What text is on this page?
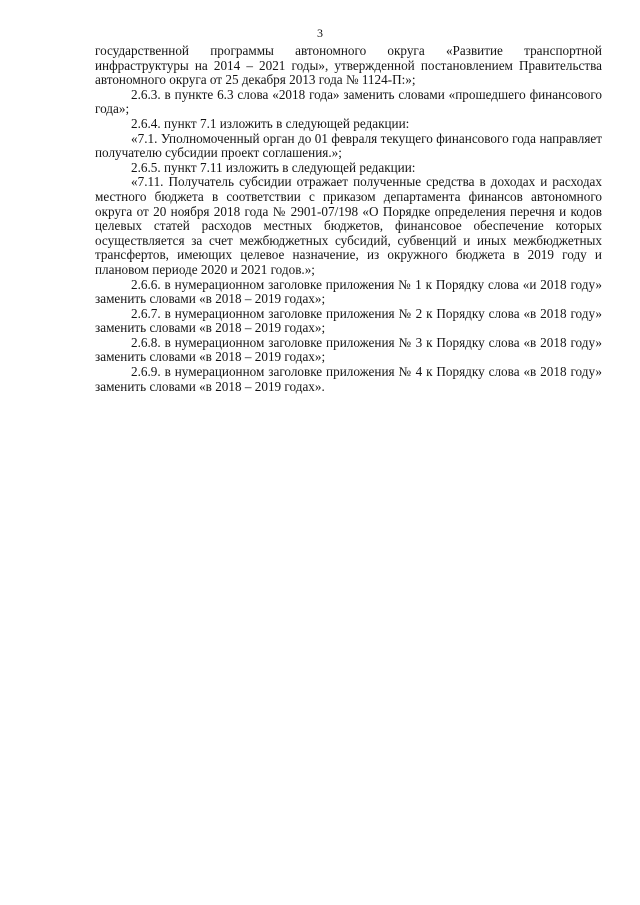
3

государственной программы автономного округа «Развитие транспортной инфраструктуры на 2014 – 2021 годы», утвержденной постановлением Правительства автономного округа от 25 декабря 2013 года № 1124-П:»;

2.6.3. в пункте 6.3 слова «2018 года» заменить словами «прошедшего финансового года»;

2.6.4. пункт 7.1 изложить в следующей редакции:

«7.1. Уполномоченный орган до 01 февраля текущего финансового года направляет получателю субсидии проект соглашения.»;

2.6.5. пункт 7.11 изложить в следующей редакции:

«7.11. Получатель субсидии отражает полученные средства в доходах и расходах местного бюджета в соответствии с приказом департамента финансов автономного округа от 20 ноября 2018 года № 2901-07/198 «О Порядке определения перечня и кодов целевых статей расходов местных бюджетов, финансовое обеспечение которых осуществляется за счет межбюджетных субсидий, субвенций и иных межбюджетных трансфертов, имеющих целевое назначение, из окружного бюджета в 2019 году и плановом периоде 2020 и 2021 годов.»;

2.6.6. в нумерационном заголовке приложения № 1 к Порядку слова «и 2018 году» заменить словами «в 2018 – 2019 годах»;

2.6.7. в нумерационном заголовке приложения № 2 к Порядку слова «в 2018 году» заменить словами «в 2018 – 2019 годах»;

2.6.8. в нумерационном заголовке приложения № 3 к Порядку слова «в 2018 году» заменить словами «в 2018 – 2019 годах»;

2.6.9. в нумерационном заголовке приложения № 4 к Порядку слова «в 2018 году» заменить словами «в 2018 – 2019 годах».
